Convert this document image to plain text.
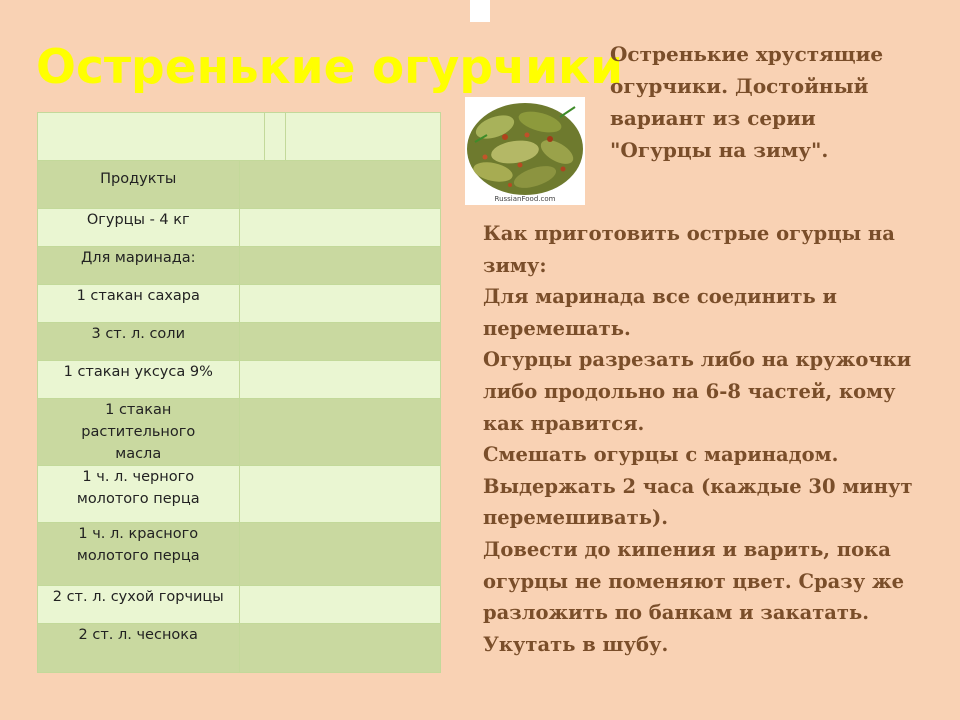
Остренькие огурчики

Остренькие хрустящие огурчики. Достойный вариант из серии "Огурцы на зиму".

RussianFood.com

Продукты	
Огурцы - 4 кг	
Для маринада:	
1 стакан сахара	
3 ст. л. соли	
1 стакан уксуса 9%	
1 стакан растительного масла	
1 ч. л. черного молотого перца	
1 ч. л. красного молотого перца	
2 ст. л. сухой горчицы	
2 ст. л. чеснока	

Как приготовить острые огурцы на зиму:

Для маринада все соединить и перемешать.

Огурцы разрезать либо на кружочки либо продольно на 6-8 частей, кому как нравится.

Смешать огурцы с маринадом.

Выдержать 2 часа (каждые 30 минут перемешивать).

Довести до кипения и варить, пока огурцы не поменяют цвет. Сразу же разложить по банкам и закатать.

Укутать в шубу.
